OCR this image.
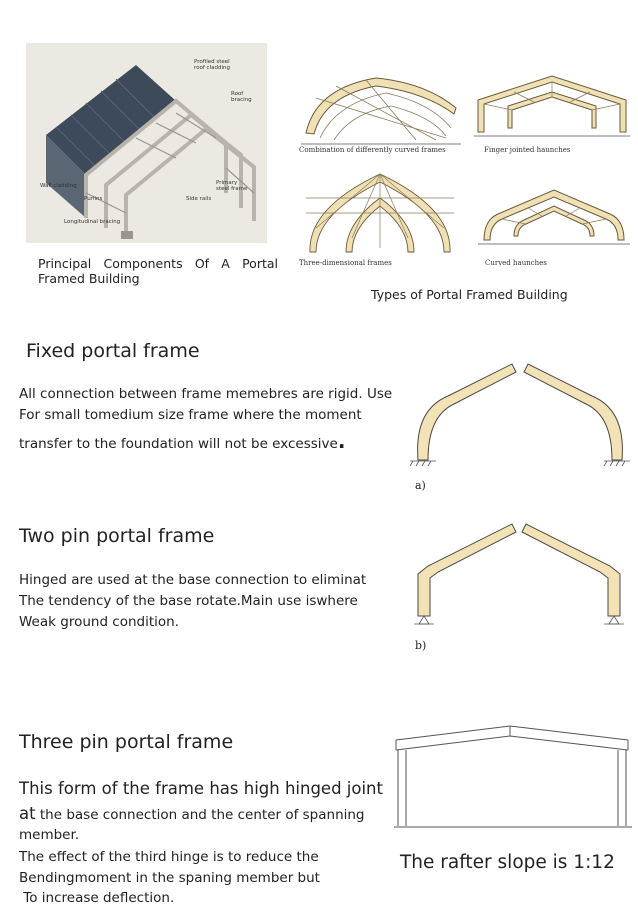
Profiled steel roof cladding
Roof bracing
Primary steel frame
Wall cladding
Purlins	Side rails
Longitudinal bracing
Principal Components Of A Portal Framed Building
Combination of differently curved frames	Finger jointed haunches
Three-dimensional frames	Curved haunches
Types of Portal Framed Building
Fixed portal frame
All connection between frame memebres are rigid. Use
For small tomedium size frame where the moment
transfer to the foundation will not be excessive.
a)
Two pin portal frame
Hinged are used at the base connection to eliminat
The tendency of the base rotate.Main use iswhere
Weak ground condition.
b)
Three pin portal frame
This form of the frame has high hinged joint
at the base connection and the center of spanning
member.
The effect of the third hinge is to reduce the
Bendingmoment in the spaning member but
To increase deflection.
The rafter slope is 1:12
